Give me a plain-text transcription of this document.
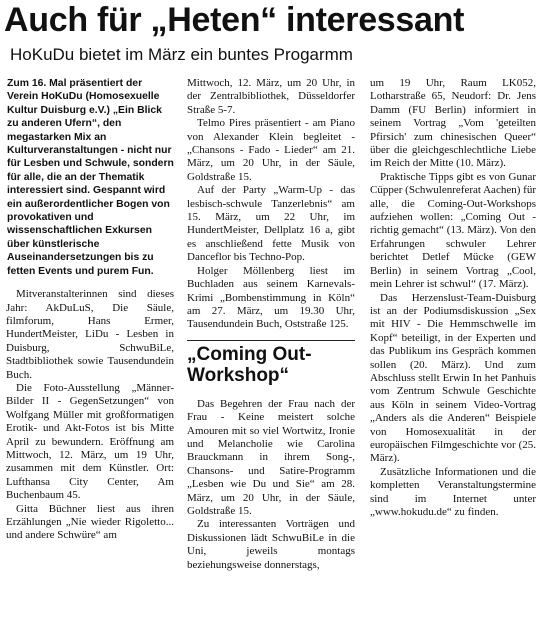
Auch für „Heten“ interessant
HoKuDu bietet im März ein buntes Progarmm
Zum 16. Mal präsentiert der Verein HoKuDu (Homosexuelle Kultur Duisburg e.V.) „Ein Blick zu anderen Ufern“, den megastarken Mix an Kulturveranstaltungen - nicht nur für Lesben und Schwule, sondern für alle, die an der Thematik interessiert sind. Gespannt wird ein außerordentlicher Bogen von provokativen und wissenschaftlichen Exkursen über künstlerische Auseinandersetzungen bis zu fetten Events und purem Fun.

Mitveranstalterinnen sind dieses Jahr: AkDuLuS, Die Säule, filmforum, Hans Ermer, HundertMeister, LiDu - Lesben in Duisburg, SchwuBiLe, Stadtbibliothek sowie Tausendundein Buch.

Die Foto-Ausstellung „Männer-Bilder II - GegenSetzungen“ von Wolfgang Müller mit großformatigen Erotik- und Akt-Fotos ist bis Mitte April zu bewundern. Eröffnung am Mittwoch, 12. März, um 19 Uhr, zusammen mit dem Künstler. Ort: Lufthansa City Center, Am Buchenbaum 45.

Gitta Büchner liest aus ihren Erzählungen „Nie wieder Rigoletto... und andere Schwüre“ am

Mittwoch, 12. März, um 20 Uhr, in der Zentralbibliothek, Düsseldorfer Straße 5-7.

Telmo Pires präsentiert - am Piano von Alexander Klein begleitet - „Chansons - Fado - Lieder“ am 21. März, um 20 Uhr, in der Säule, Goldstraße 15.

Auf der Party „Warm-Up - das lesbisch-schwule Tanzerlebnis“ am 15. März, um 22 Uhr, im HundertMeister, Dellplatz 16 a, gibt es anschließend fette Musik von Danceflor bis Techno-Pop.

Holger Möllenberg liest im Buchladen aus seinem Karnevals-Krimi „Bombenstimmung in Köln“ am 27. März, um 19.30 Uhr, Tausendundein Buch, Oststraße 125.

„Coming Out-Workshop“

Das Begehren der Frau nach der Frau - Keine meistert solche Amouren mit so viel Wortwitz, Ironie und Melancholie wie Carolina Brauckmann in ihrem Song-, Chansons- und Satire-Programm „Lesben wie Du und Sie“ am 28. März, um 20 Uhr, in der Säule, Goldstraße 15.

Zu interessanten Vorträgen und Diskussionen lädt SchwuBiLe in die Uni, jeweils montags beziehungsweise donnerstags,

um 19 Uhr, Raum LK052, Lotharstraße 65, Neudorf: Dr. Jens Damm (FU Berlin) informiert in seinem Vortrag „Vom 'geteilten Pfirsich' zum chinesischen Queer“ über die gleichgeschlechtliche Liebe im Reich der Mitte (10. März).

Praktische Tipps gibt es von Gunar Cüpper (Schwulenreferat Aachen) für alle, die Coming-Out-Workshops aufziehen wollen: „Coming Out - richtig gemacht“ (13. März). Von den Erfahrungen schwuler Lehrer berichtet Detlef Mücke (GEW Berlin) in seinem Vortrag „Cool, mein Lehrer ist schwul“ (17. März).

Das Herzenslust-Team-Duisburg ist an der Podiumsdiskussion „Sex mit HIV - Die Hemmschwelle im Kopf“ beteiligt, in der Experten und das Publikum ins Gespräch kommen sollen (20. März). Und zum Abschluss stellt Erwin In het Panhuis vom Zentrum Schwule Geschichte aus Köln in seinem Video-Vortrag „Anders als die Anderen“ Beispiele von Homosexualität in der europäischen Filmgeschichte vor (25. März).

Zusätzliche Informationen und die kompletten Veranstaltungstermine sind im Internet unter „www.hokudu.de“ zu finden.
